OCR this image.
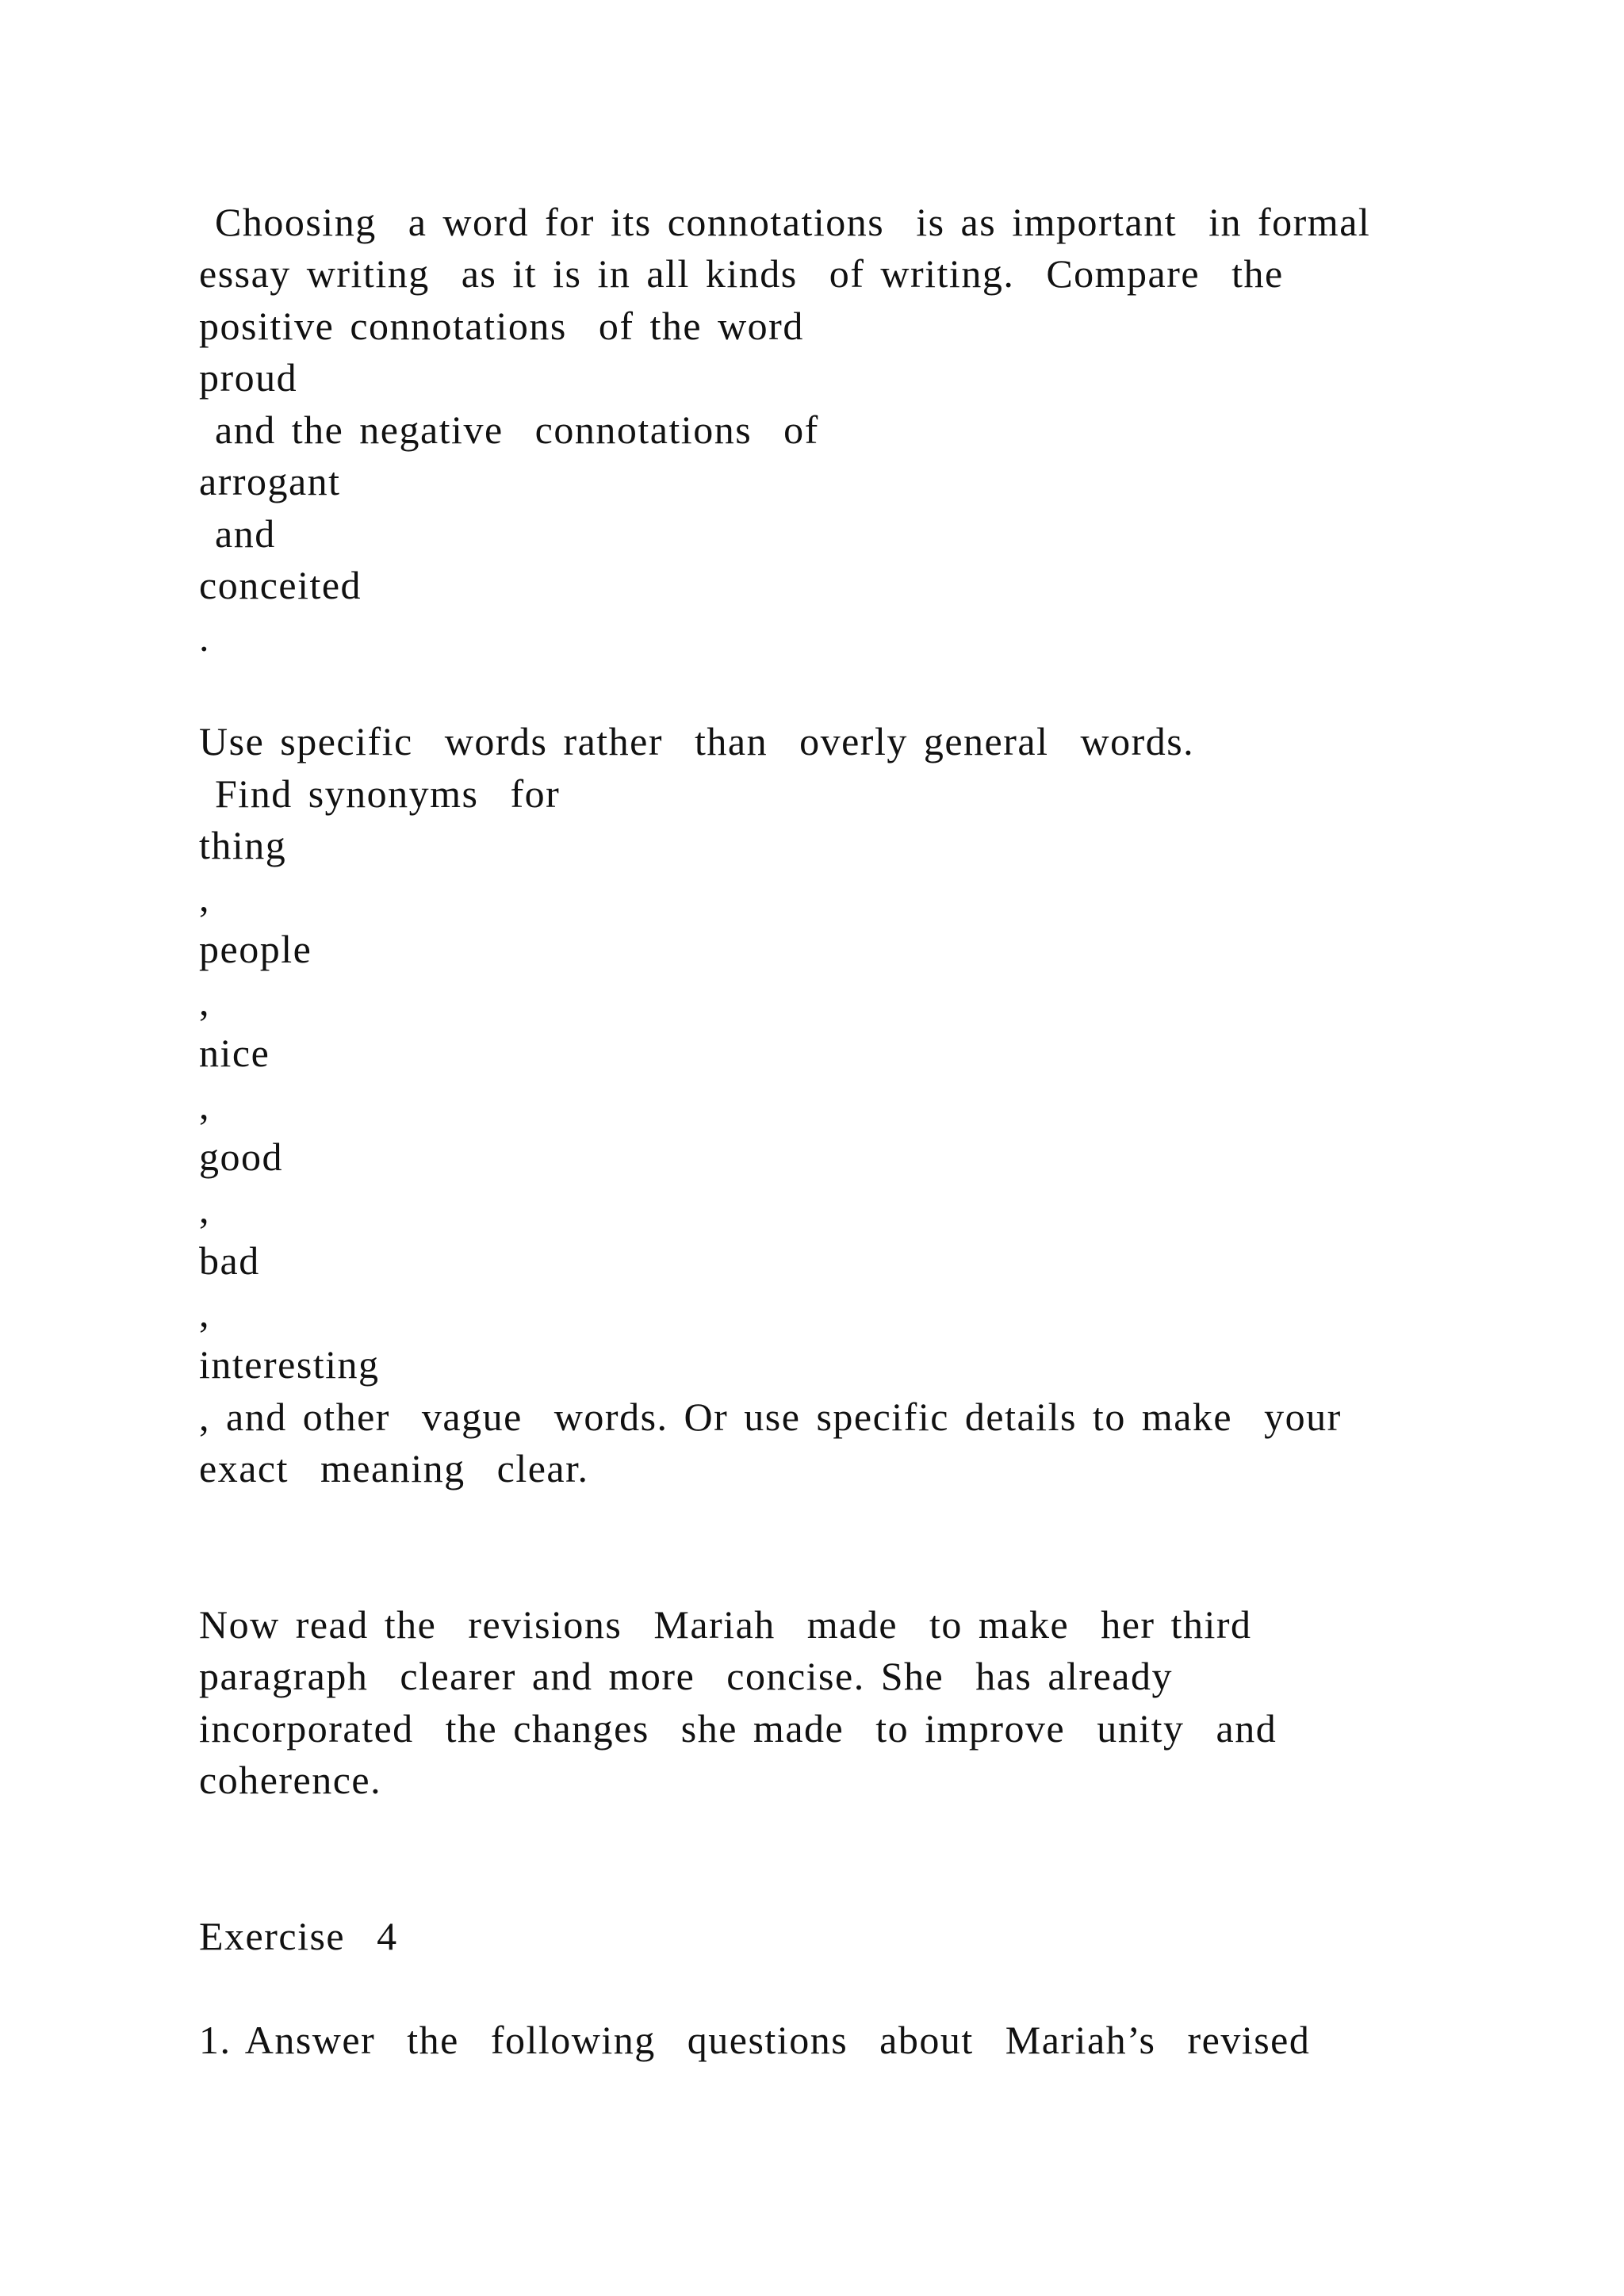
Choosing  a word for its connotations  is as important  in formal
essay writing  as it is in all kinds  of writing.  Compare  the
positive connotations  of the word
proud
and the negative  connotations  of
arrogant
and
conceited
.
Use specific  words rather  than  overly general  words.
Find synonyms  for
thing
,
people
,
nice
,
good
,
bad
,
interesting
, and other  vague  words. Or use specific details to make  your
exact  meaning  clear.
Now read the  revisions  Mariah  made  to make  her third
paragraph  clearer and more  concise. She  has already
incorporated  the changes  she made  to improve  unity  and
coherence.
Exercise  4
1. Answer  the  following  questions  about  Mariah’s  revised
